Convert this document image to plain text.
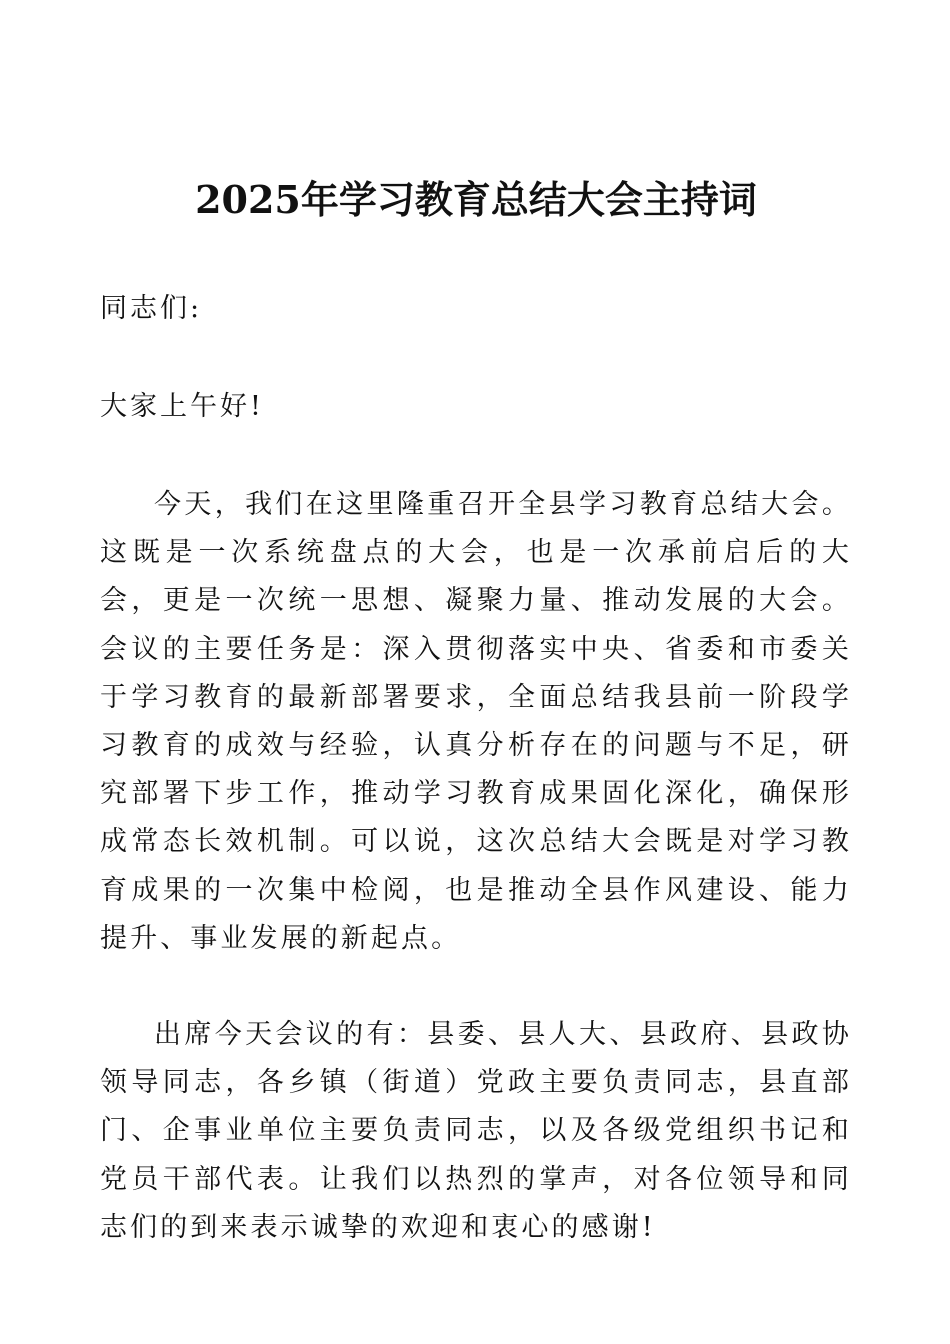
2025年学习教育总结大会主持词

同志们:

大家上午好!

今天，我们在这里隆重召开全县学习教育总结大会。这既是一次系统盘点的大会，也是一次承前启后的大会，更是一次统一思想、凝聚力量、推动发展的大会。会议的主要任务是：深入贯彻落实中央、省委和市委关于学习教育的最新部署要求，全面总结我县前一阶段学习教育的成效与经验，认真分析存在的问题与不足，研究部署下步工作，推动学习教育成果固化深化，确保形成常态长效机制。可以说，这次总结大会既是对学习教育成果的一次集中检阅，也是推动全县作风建设、能力提升、事业发展的新起点。

出席今天会议的有：县委、县人大、县政府、县政协领导同志，各乡镇（街道）党政主要负责同志，县直部门、企事业单位主要负责同志，以及各级党组织书记和党员干部代表。让我们以热烈的掌声，对各位领导和同志们的到来表示诚挚的欢迎和衷心的感谢!
